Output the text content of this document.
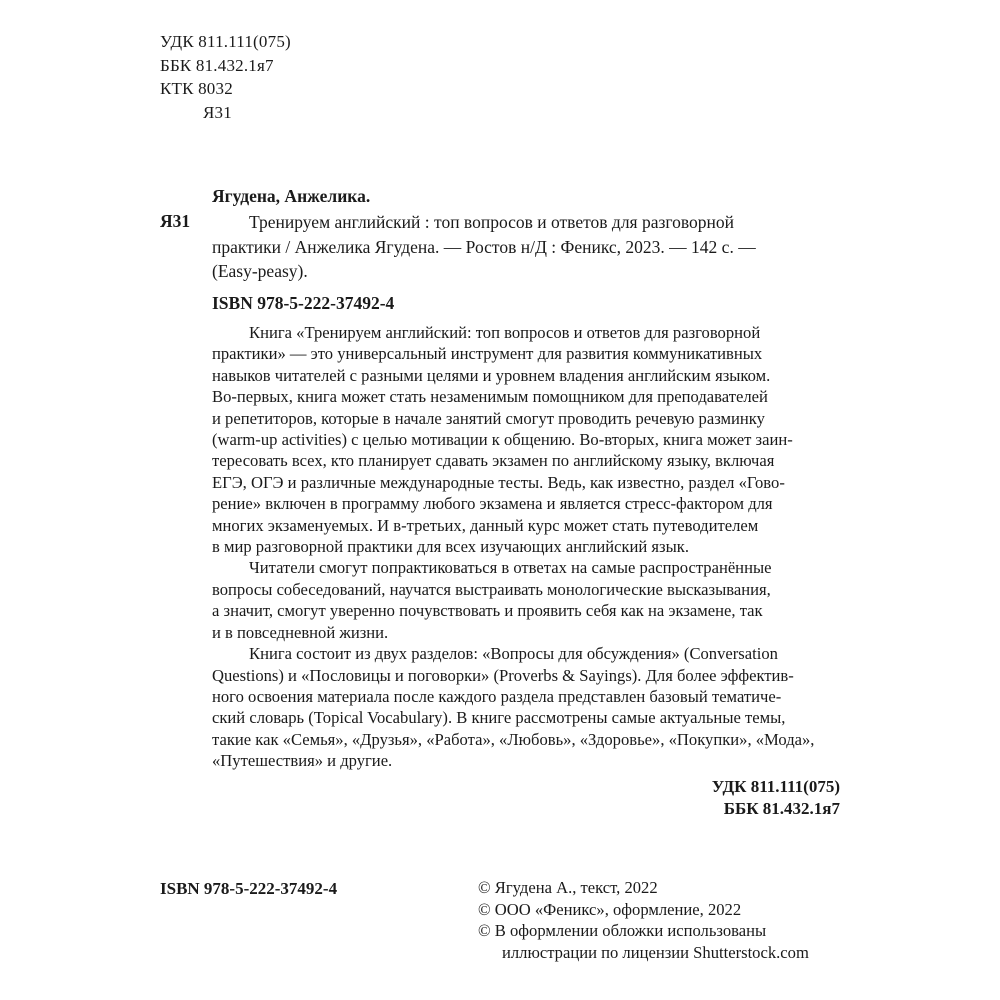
УДК 811.111(075)
ББК 81.432.1я7
КТК 8032
Я31
Ягудена, Анжелика.
Я31	Тренируем английский : топ вопросов и ответов для разговорной
практики / Анжелика Ягудена. — Ростов н/Д : Феникс, 2023. — 142 с. —
(Easy-peasy).
ISBN 978-5-222-37492-4
Книга «Тренируем английский: топ вопросов и ответов для разговорной
практики» — это универсальный инструмент для развития коммуникативных
навыков читателей с разными целями и уровнем владения английским языком.
Во-первых, книга может стать незаменимым помощником для преподавателей
и репетиторов, которые в начале занятий смогут проводить речевую разминку
(warm-up activities) с целью мотивации к общению. Во-вторых, книга может заин-
тересовать всех, кто планирует сдавать экзамен по английскому языку, включая
ЕГЭ, ОГЭ и различные международные тесты. Ведь, как известно, раздел «Гово-
рение» включен в программу любого экзамена и является стресс-фактором для
многих экзаменуемых. И в-третьих, данный курс может стать путеводителем
в мир разговорной практики для всех изучающих английский язык.
Читатели смогут попрактиковаться в ответах на самые распространённые
вопросы собеседований, научатся выстраивать монологические высказывания,
а значит, смогут уверенно почувствовать и проявить себя как на экзамене, так
и в повседневной жизни.
Книга состоит из двух разделов: «Вопросы для обсуждения» (Conversation
Questions) и «Пословицы и поговорки» (Proverbs & Sayings). Для более эффектив-
ного освоения материала после каждого раздела представлен базовый тематиче-
ский словарь (Topical Vocabulary). В книге рассмотрены самые актуальные темы,
такие как «Семья», «Друзья», «Работа», «Любовь», «Здоровье», «Покупки», «Мода»,
«Путешествия» и другие.
УДК 811.111(075)
ББК 81.432.1я7
ISBN 978-5-222-37492-4	© Ягудена А., текст, 2022
© ООО «Феникс», оформление, 2022
© В оформлении обложки использованы
иллюстрации по лицензии Shutterstock.com
